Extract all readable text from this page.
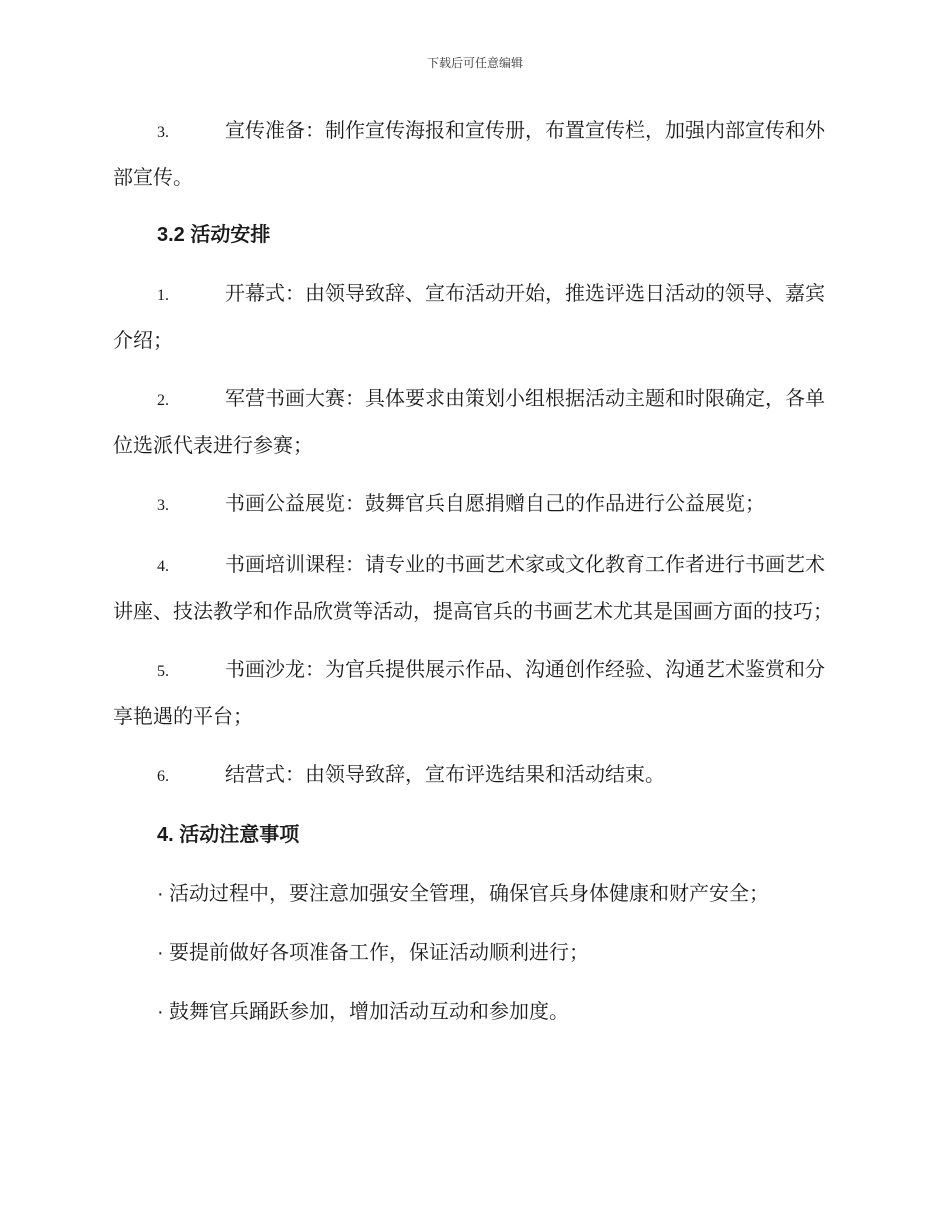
下载后可任意编辑

3.	宣传准备：制作宣传海报和宣传册，布置宣传栏，加强内部宣传和外部宣传。

3.2 活动安排

1.	开幕式：由领导致辞、宣布活动开始，推选评选日活动的领导、嘉宾介绍；

2.	军营书画大赛：具体要求由策划小组根据活动主题和时限确定，各单位选派代表进行参赛；

3.	书画公益展览：鼓舞官兵自愿捐赠自己的作品进行公益展览；

4.	书画培训课程：请专业的书画艺术家或文化教育工作者进行书画艺术讲座、技法教学和作品欣赏等活动，提高官兵的书画艺术尤其是国画方面的技巧；

5.	书画沙龙：为官兵提供展示作品、沟通创作经验、沟通艺术鉴赏和分享艳遇的平台；

6.	结营式：由领导致辞，宣布评选结果和活动结束。

4. 活动注意事项

· 活动过程中，要注意加强安全管理，确保官兵身体健康和财产安全；

· 要提前做好各项准备工作，保证活动顺利进行；

· 鼓舞官兵踊跃参加，增加活动互动和参加度。
